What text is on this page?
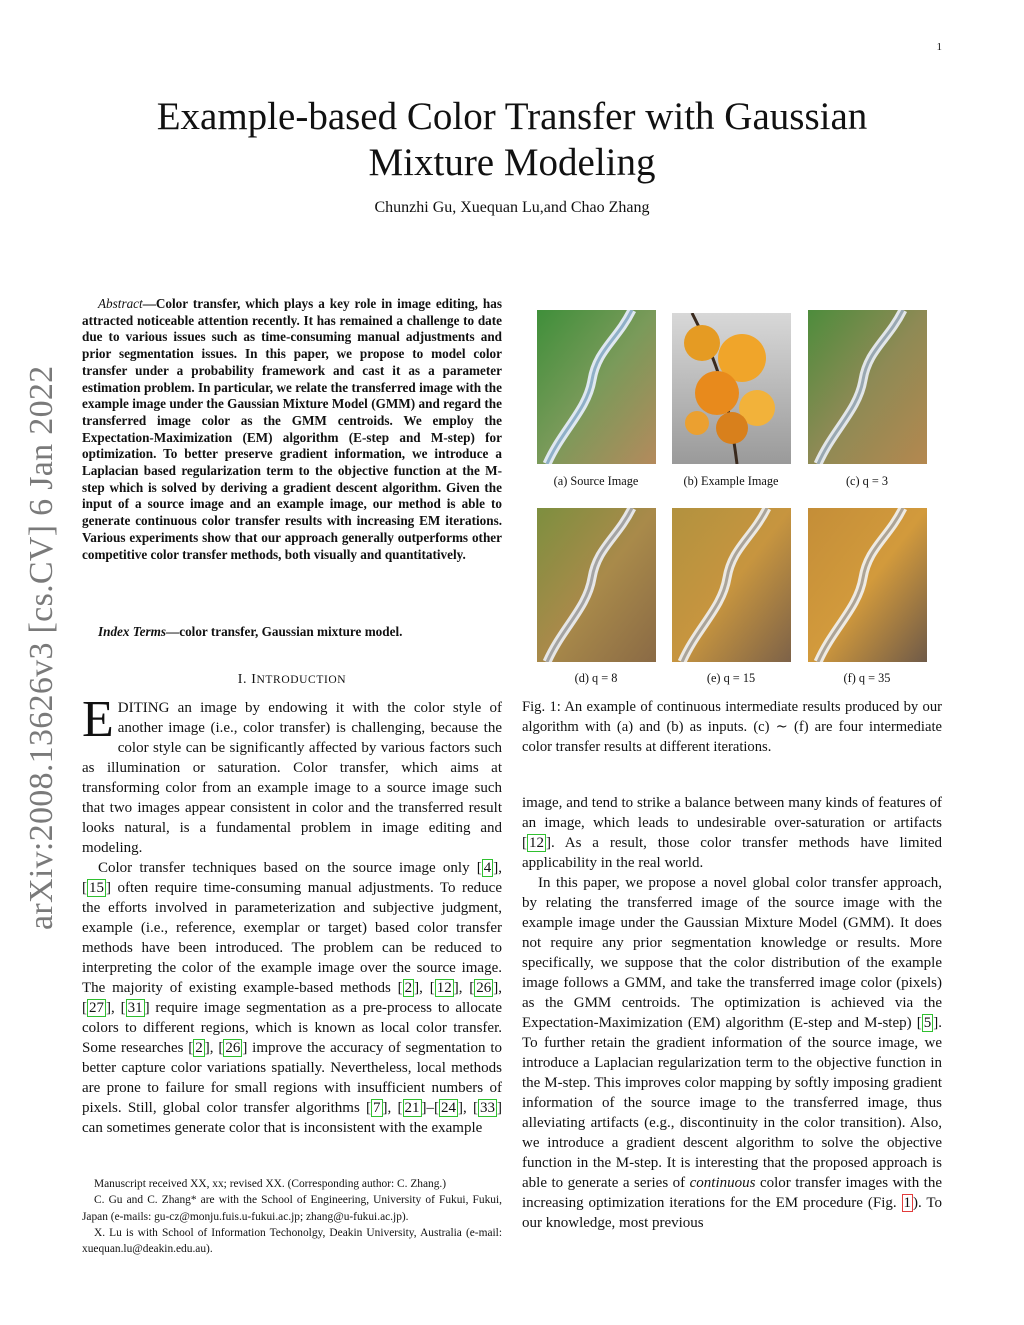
1
Example-based Color Transfer with Gaussian
Mixture Modeling
Chunzhi Gu, Xuequan Lu,and Chao Zhang
arXiv:2008.13626v3 [cs.CV] 6 Jan 2022
Abstract—Color transfer, which plays a key role in image editing, has attracted noticeable attention recently. It has remained a challenge to date due to various issues such as time-consuming manual adjustments and prior segmentation issues. In this paper, we propose to model color transfer under a probability framework and cast it as a parameter estimation problem. In particular, we relate the transferred image with the example image under the Gaussian Mixture Model (GMM) and regard the transferred image color as the GMM centroids. We employ the Expectation-Maximization (EM) algorithm (E-step and M-step) for optimization. To better preserve gradient information, we introduce a Laplacian based regularization term to the objective function at the M-step which is solved by deriving a gradient descent algorithm. Given the input of a source image and an example image, our method is able to generate continuous color transfer results with increasing EM iterations. Various experiments show that our approach generally outperforms other competitive color transfer methods, both visually and quantitatively.
Index Terms—color transfer, Gaussian mixture model.
I. INTRODUCTION

EDITING an image by endowing it with the color style of another image (i.e., color transfer) is challenging, because the color style can be significantly affected by various factors such as illumination or saturation. Color transfer, which aims at transforming color from an example image to a source image such that two images appear consistent in color and the transferred result looks natural, is a fundamental problem in image editing and modeling.

Color transfer techniques based on the source image only [ 4 ], [ 15 ] often require time-consuming manual adjustments. To reduce the efforts involved in parameterization and subjective judgment, example (i.e., reference, exemplar or target) based color transfer methods have been introduced. The problem can be reduced to interpreting the color of the example image over the source image. The majority of existing example-based methods [ 2 ], [ 12 ], [ 26 ], [ 27 ], [ 31 ] require image segmentation as a pre-process to allocate colors to different regions, which is known as local color transfer. Some researches [ 2 ], [ 26 ] improve the accuracy of segmentation to better capture color variations spatially. Nevertheless, local methods are prone to failure for small regions with insufficient numbers of pixels. Still, global color transfer algorithms [ 7 ], [ 21 ]–[ 24 ], [ 33 ] can sometimes generate color that is inconsistent with the example

Manuscript received XX, xx; revised XX. (Corresponding author: C. Zhang.)

C. Gu and C. Zhang* are with the School of Engineering, University of Fukui, Fukui, Japan (e-mails: gu-cz@monju.fuis.u-fukui.ac.jp; zhang@u-fukui.ac.jp).

X. Lu is with School of Information Techonolgy, Deakin University, Australia (e-mail: xuequan.lu@deakin.edu.au).

(a) Source Image	(b) Example Image	(c) q = 3
(d) q = 8	(e) q = 15	(f) q = 35
Fig. 1: An example of continuous intermediate results produced by our algorithm with (a) and (b) as inputs. (c) ∼ (f) are four intermediate color transfer results at different iterations.

image, and tend to strike a balance between many kinds of features of an image, which leads to undesirable over-saturation or artifacts [ 12 ]. As a result, those color transfer methods have limited applicability in the real world.

In this paper, we propose a novel global color transfer approach, by relating the transferred image of the source image with the example image under the Gaussian Mixture Model (GMM). It does not require any prior segmentation knowledge or results. More specifically, we suppose that the color distribution of the example image follows a GMM, and take the transferred image color (pixels) as the GMM centroids. The optimization is achieved via the Expectation-Maximization (EM) algorithm (E-step and M-step) [ 5 ]. To further retain the gradient information of the source image, we introduce a Laplacian regularization term to the objective function in the M-step. This improves color mapping by softly imposing gradient information of the source image to the transferred image, thus alleviating artifacts (e.g., discontinuity in the color transition). Also, we introduce a gradient descent algorithm to solve the objective function in the M-step. It is interesting that the proposed approach is able to generate a series of continuous color transfer images with the increasing optimization iterations for the EM procedure (Fig. 1 ). To our knowledge, most previous
